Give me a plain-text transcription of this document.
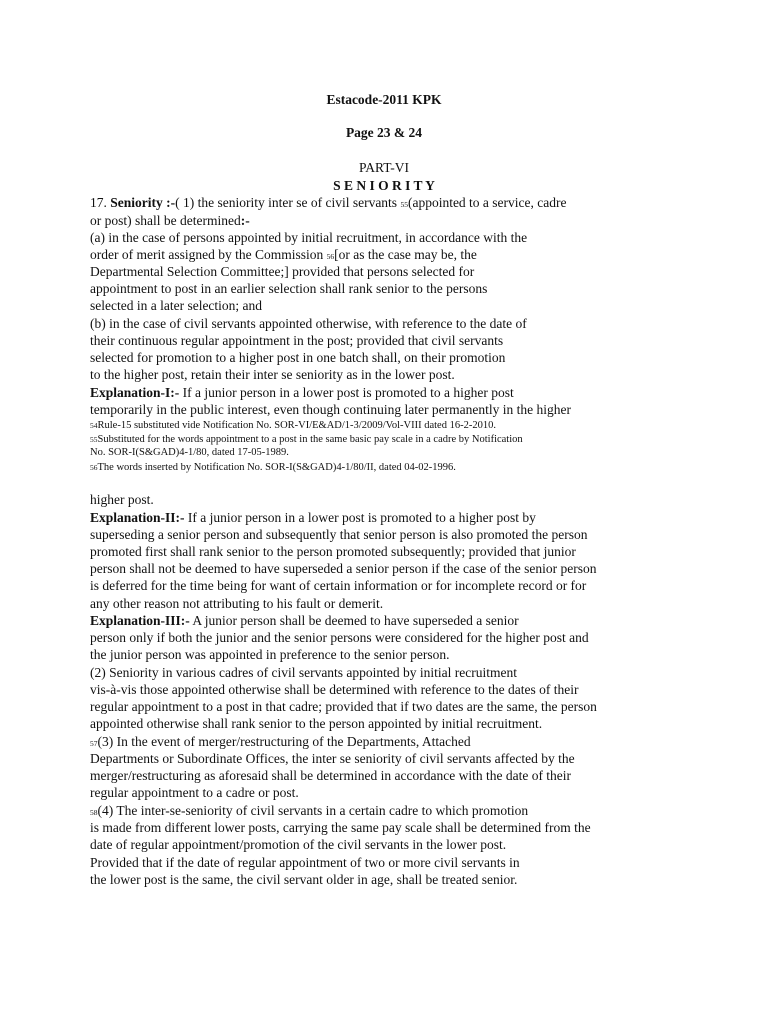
Estacode-2011 KPK
Page 23 & 24
PART-VI
S E N I O R I T Y
17. Seniority :-( 1) the seniority inter se of civil servants 55(appointed to a service, cadre
or post) shall be determined:-
(a) in the case of persons appointed by initial recruitment, in accordance with the
order of merit assigned by the Commission 56[or as the case may be, the
Departmental Selection Committee;] provided that persons selected for
appointment to post in an earlier selection shall rank senior to the persons
selected in a later selection; and
(b) in the case of civil servants appointed otherwise, with reference to the date of
their continuous regular appointment in the post; provided that civil servants
selected for promotion to a higher post in one batch shall, on their promotion
to the higher post, retain their inter se seniority as in the lower post.
Explanation-I:- If a junior person in a lower post is promoted to a higher post
temporarily in the public interest, even though continuing later permanently in the higher
54Rule-15 substituted vide Notification No. SOR-VI/E&AD/1-3/2009/Vol-VIII dated 16-2-2010.
55Substituted for the words appointment to a post in the same basic pay scale in a cadre by Notification
No. SOR-I(S&GAD)4-1/80, dated 17-05-1989.
56The words inserted by Notification No. SOR-I(S&GAD)4-1/80/II, dated 04-02-1996.
higher post.
Explanation-II:- If a junior person in a lower post is promoted to a higher post by
superseding a senior person and subsequently that senior person is also promoted the person
promoted first shall rank senior to the person promoted subsequently; provided that junior
person shall not be deemed to have superseded a senior person if the case of the senior person
is deferred for the time being for want of certain information or for incomplete record or for
any other reason not attributing to his fault or demerit.
Explanation-III:- A junior person shall be deemed to have superseded a senior
person only if both the junior and the senior persons were considered for the higher post and
the junior person was appointed in preference to the senior person.
(2) Seniority in various cadres of civil servants appointed by initial recruitment
vis-à-vis those appointed otherwise shall be determined with reference to the dates of their
regular appointment to a post in that cadre; provided that if two dates are the same, the person
appointed otherwise shall rank senior to the person appointed by initial recruitment.
57(3) In the event of merger/restructuring of the Departments, Attached
Departments or Subordinate Offices, the inter se seniority of civil servants affected by the
merger/restructuring as aforesaid shall be determined in accordance with the date of their
regular appointment to a cadre or post.
58(4) The inter-se-seniority of civil servants in a certain cadre to which promotion
is made from different lower posts, carrying the same pay scale shall be determined from the
date of regular appointment/promotion of the civil servants in the lower post.
Provided that if the date of regular appointment of two or more civil servants in
the lower post is the same, the civil servant older in age, shall be treated senior.
